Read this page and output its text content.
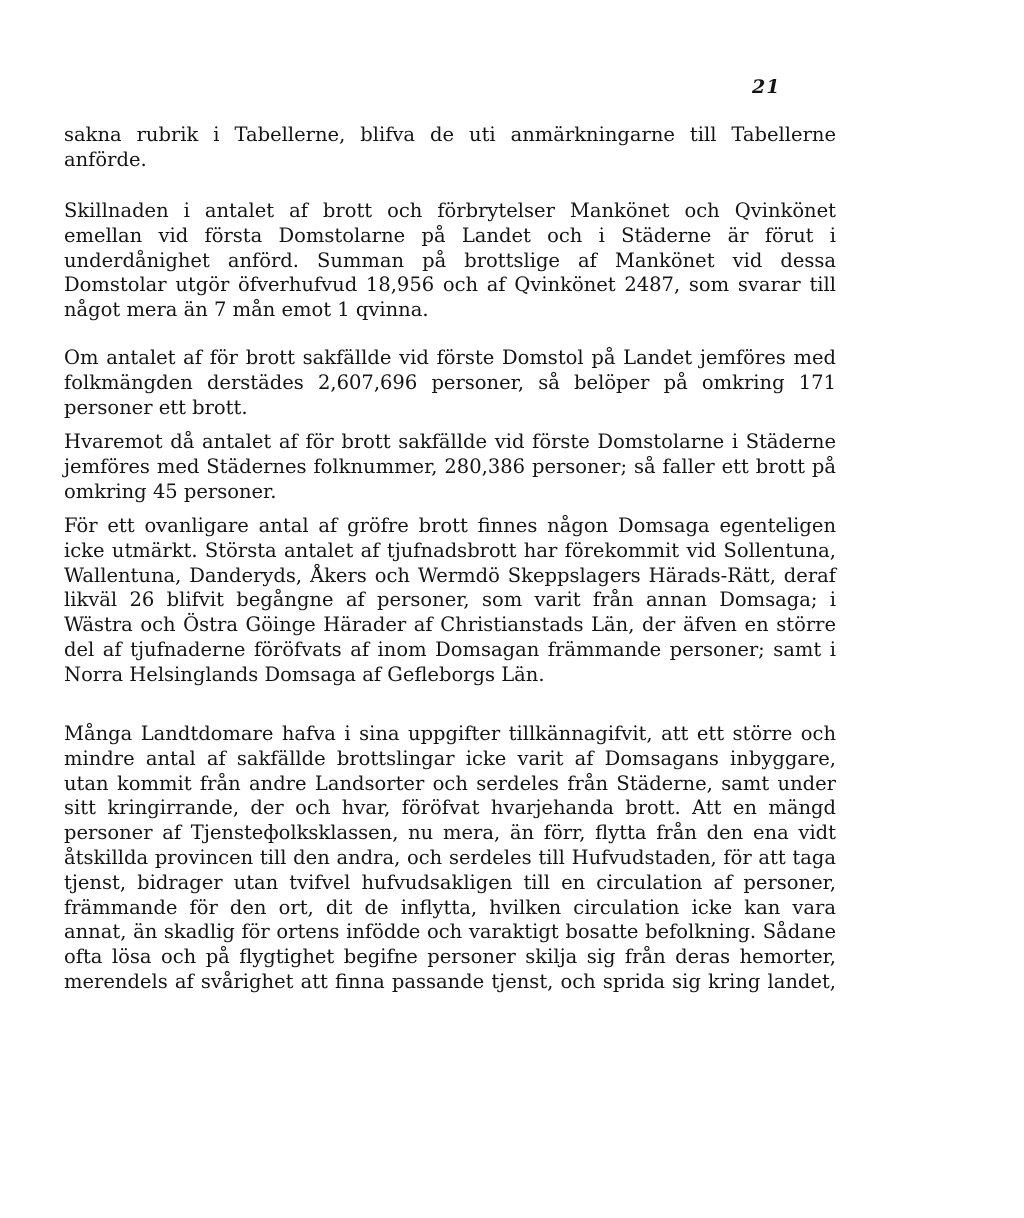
21

sakna rubrik i Tabellerne, blifva de uti anmärkningarne till Tabellerne anförde.

Skillnaden i antalet af brott och förbrytelser Mankönet och Qvinkönet emellan vid första Domstolarne på Landet och i Städerne är förut i underdånighet anförd. Summan på brottslige af Mankönet vid dessa Domstolar utgör öfverhufvud 18,956 och af Qvinkönet 2487, som svarar till något mera än 7 mån emot 1 qvinna.

Om antalet af för brott sakfällde vid förste Domstol på Landet jemföres med folkmängden derstädes 2,607,696 personer, så belöper på omkring 171 personer ett brott.

Hvaremot då antalet af för brott sakfällde vid förste Domstolarne i Städerne jemföres med Städernes folknummer, 280,386 personer; så faller ett brott på omkring 45 personer.

För ett ovanligare antal af gröfre brott finnes någon Domsaga egenteligen icke utmärkt. Största antalet af tjufnadsbrott har förekommit vid Sollentuna, Wallentuna, Danderyds, Åkers och Wermdö Skeppslagers Härads-Rätt, deraf likväl 26 blifvit begångne af personer, som varit från annan Domsaga; i Wästra och Östra Göinge Härader af Christianstads Län, der äfven en större del af tjufnaderne föröfvats af inom Domsagan främmande personer; samt i Norra Helsinglands Domsaga af Gefleborgs Län.

Många Landtdomare hafva i sina uppgifter tillkännagifvit, att ett större och mindre antal af sakfällde brottslingar icke varit af Domsagans inbyggare, utan kommit från andre Landsorter och serdeles från Städerne, samt under sitt kringirrande, der och hvar, föröfvat hvarjehanda brott. Att en mängd personer af Tjensteфolksklassen, nu mera, än förr, flytta från den ena vidt åtskillda provincen till den andra, och serdeles till Hufvudstaden, för att taga tjenst, bidrager utan tvifvel hufvudsakligen till en circulation af personer, främmande för den ort, dit de inflytta, hvilken circulation icke kan vara annat, än skadlig för ortens infödde och varaktigt bosatte befolkning. Sådane ofta lösa och på flygtighet begifne personer skilja sig från deras hemorter, merendels af svårighet att finna passande tjenst, och sprida sig kring landet,
